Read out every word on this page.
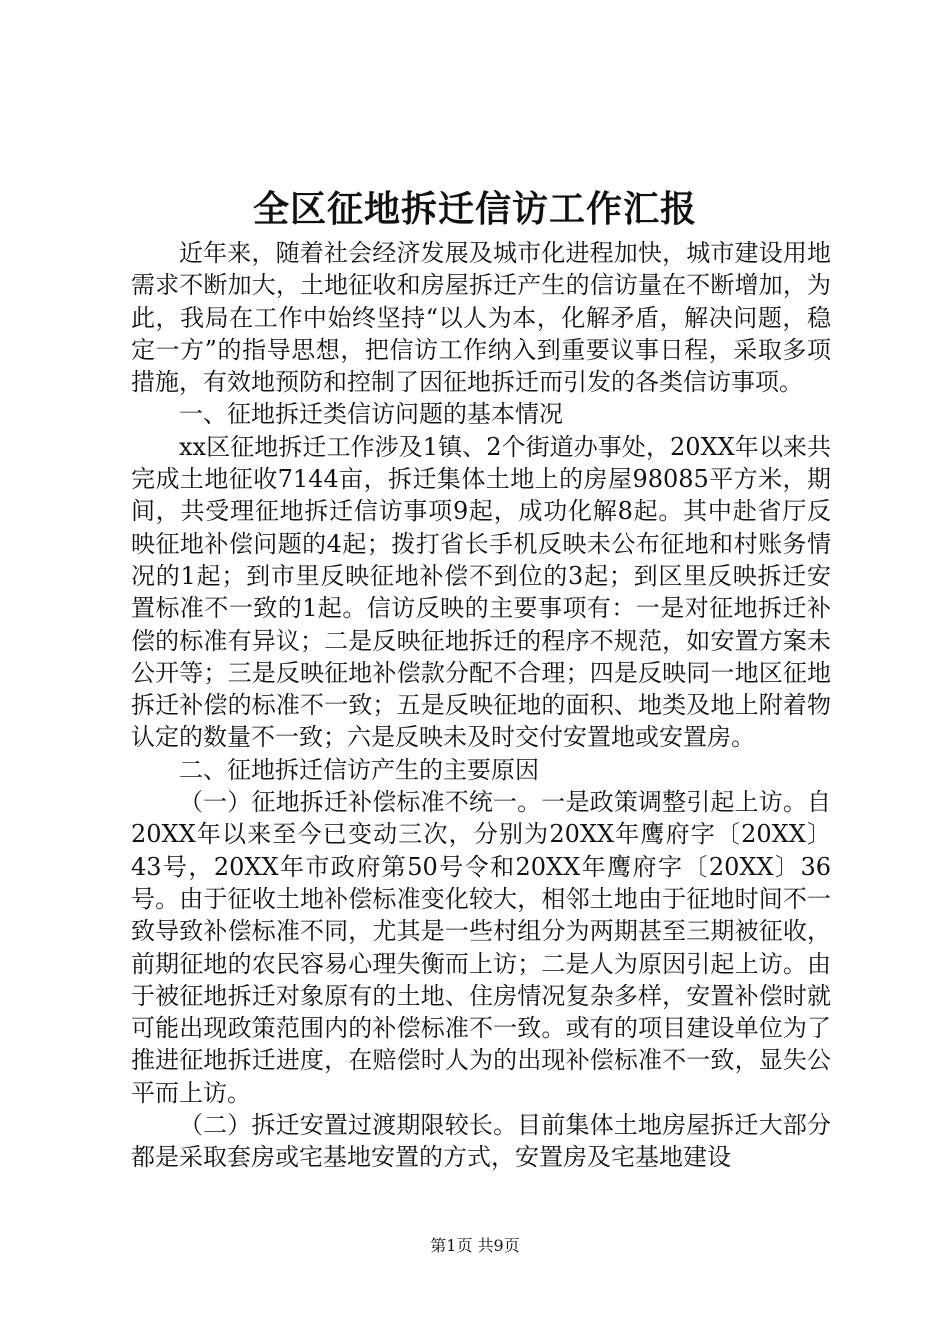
全区征地拆迁信访工作汇报

近年来，随着社会经济发展及城市化进程加快，城市建设用地需求不断加大，土地征收和房屋拆迁产生的信访量在不断增加，为此，我局在工作中始终坚持“以人为本，化解矛盾，解决问题，稳定一方”的指导思想，把信访工作纳入到重要议事日程，采取多项措施，有效地预防和控制了因征地拆迁而引发的各类信访事项。

一、征地拆迁类信访问题的基本情况

xx区征地拆迁工作涉及1镇、2个街道办事处，20XX年以来共完成土地征收7144亩，拆迁集体土地上的房屋98085平方米，期间，共受理征地拆迁信访事项9起，成功化解8起。其中赴省厅反映征地补偿问题的4起；拨打省长手机反映未公布征地和村账务情况的1起；到市里反映征地补偿不到位的3起；到区里反映拆迁安置标准不一致的1起。信访反映的主要事项有：一是对征地拆迁补偿的标准有异议；二是反映征地拆迁的程序不规范，如安置方案未公开等；三是反映征地补偿款分配不合理；四是反映同一地区征地拆迁补偿的标准不一致；五是反映征地的面积、地类及地上附着物认定的数量不一致；六是反映未及时交付安置地或安置房。

二、征地拆迁信访产生的主要原因

（一）征地拆迁补偿标准不统一。一是政策调整引起上访。自20XX年以来至今已变动三次，分别为20XX年鹰府字〔20XX〕43号，20XX年市政府第50号令和20XX年鹰府字〔20XX〕36号。由于征收土地补偿标准变化较大，相邻土地由于征地时间不一致导致补偿标准不同，尤其是一些村组分为两期甚至三期被征收，前期征地的农民容易心理失衡而上访；二是人为原因引起上访。由于被征地拆迁对象原有的土地、住房情况复杂多样，安置补偿时就可能出现政策范围内的补偿标准不一致。或有的项目建设单位为了推进征地拆迁进度，在赔偿时人为的出现补偿标准不一致，显失公平而上访。

（二）拆迁安置过渡期限较长。目前集体土地房屋拆迁大部分都是采取套房或宅基地安置的方式，安置房及宅基地建设

第1页 共9页
